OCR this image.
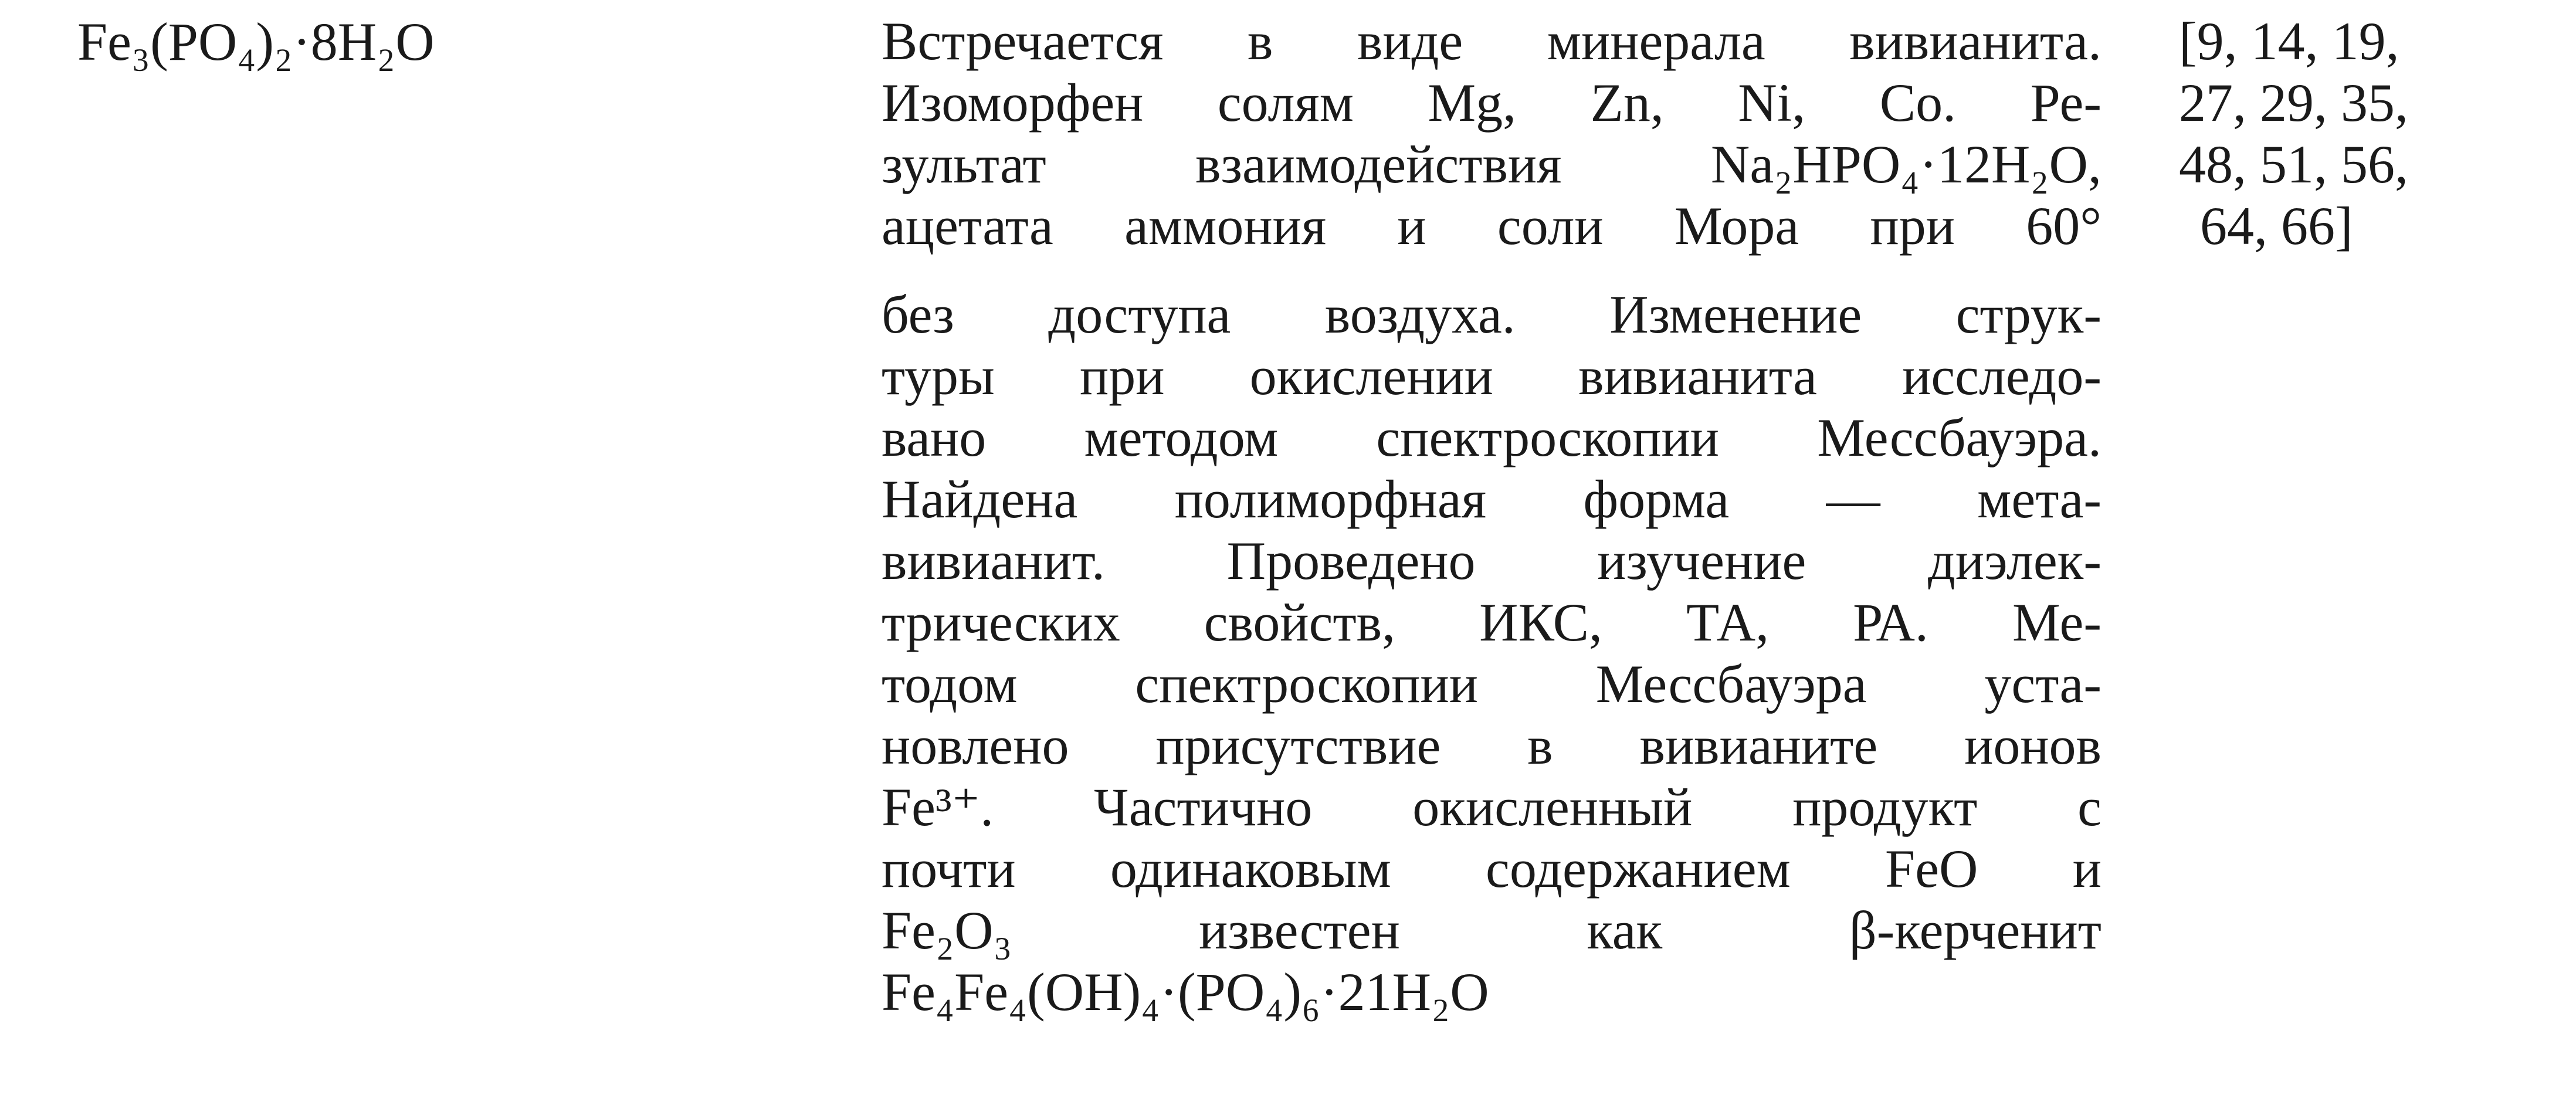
Fe₃(PO₄)₂·8H₂O	Встречается в виде минерала вивианита.
Изоморфен солям Mg, Zn, Ni, Co. Ре-
зультат взаимодействия Na₂HPO₄·12H₂O,
ацетата аммония и соли Мора при 60°
без доступа воздуха. Изменение струк-
туры при окислении вивианита исследо-
вано методом спектроскопии Мессбауэра.
Найдена полиморфная форма — мета-
вивианит. Проведено изучение диэлек-
трических свойств, ИКС, ТА, РА. Ме-
тодом спектроскопии Мессбауэра уста-
новлено присутствие в вивианите ионов
Fe³⁺. Частично окисленный продукт с
почти одинаковым содержанием FeO и
Fe₂O₃ известен как β-керченит
Fe₄Fe₄(OH)₄·(PO₄)₆·21H₂O
[9, 14, 19,
27, 29, 35,
48, 51, 56,
64, 66]
